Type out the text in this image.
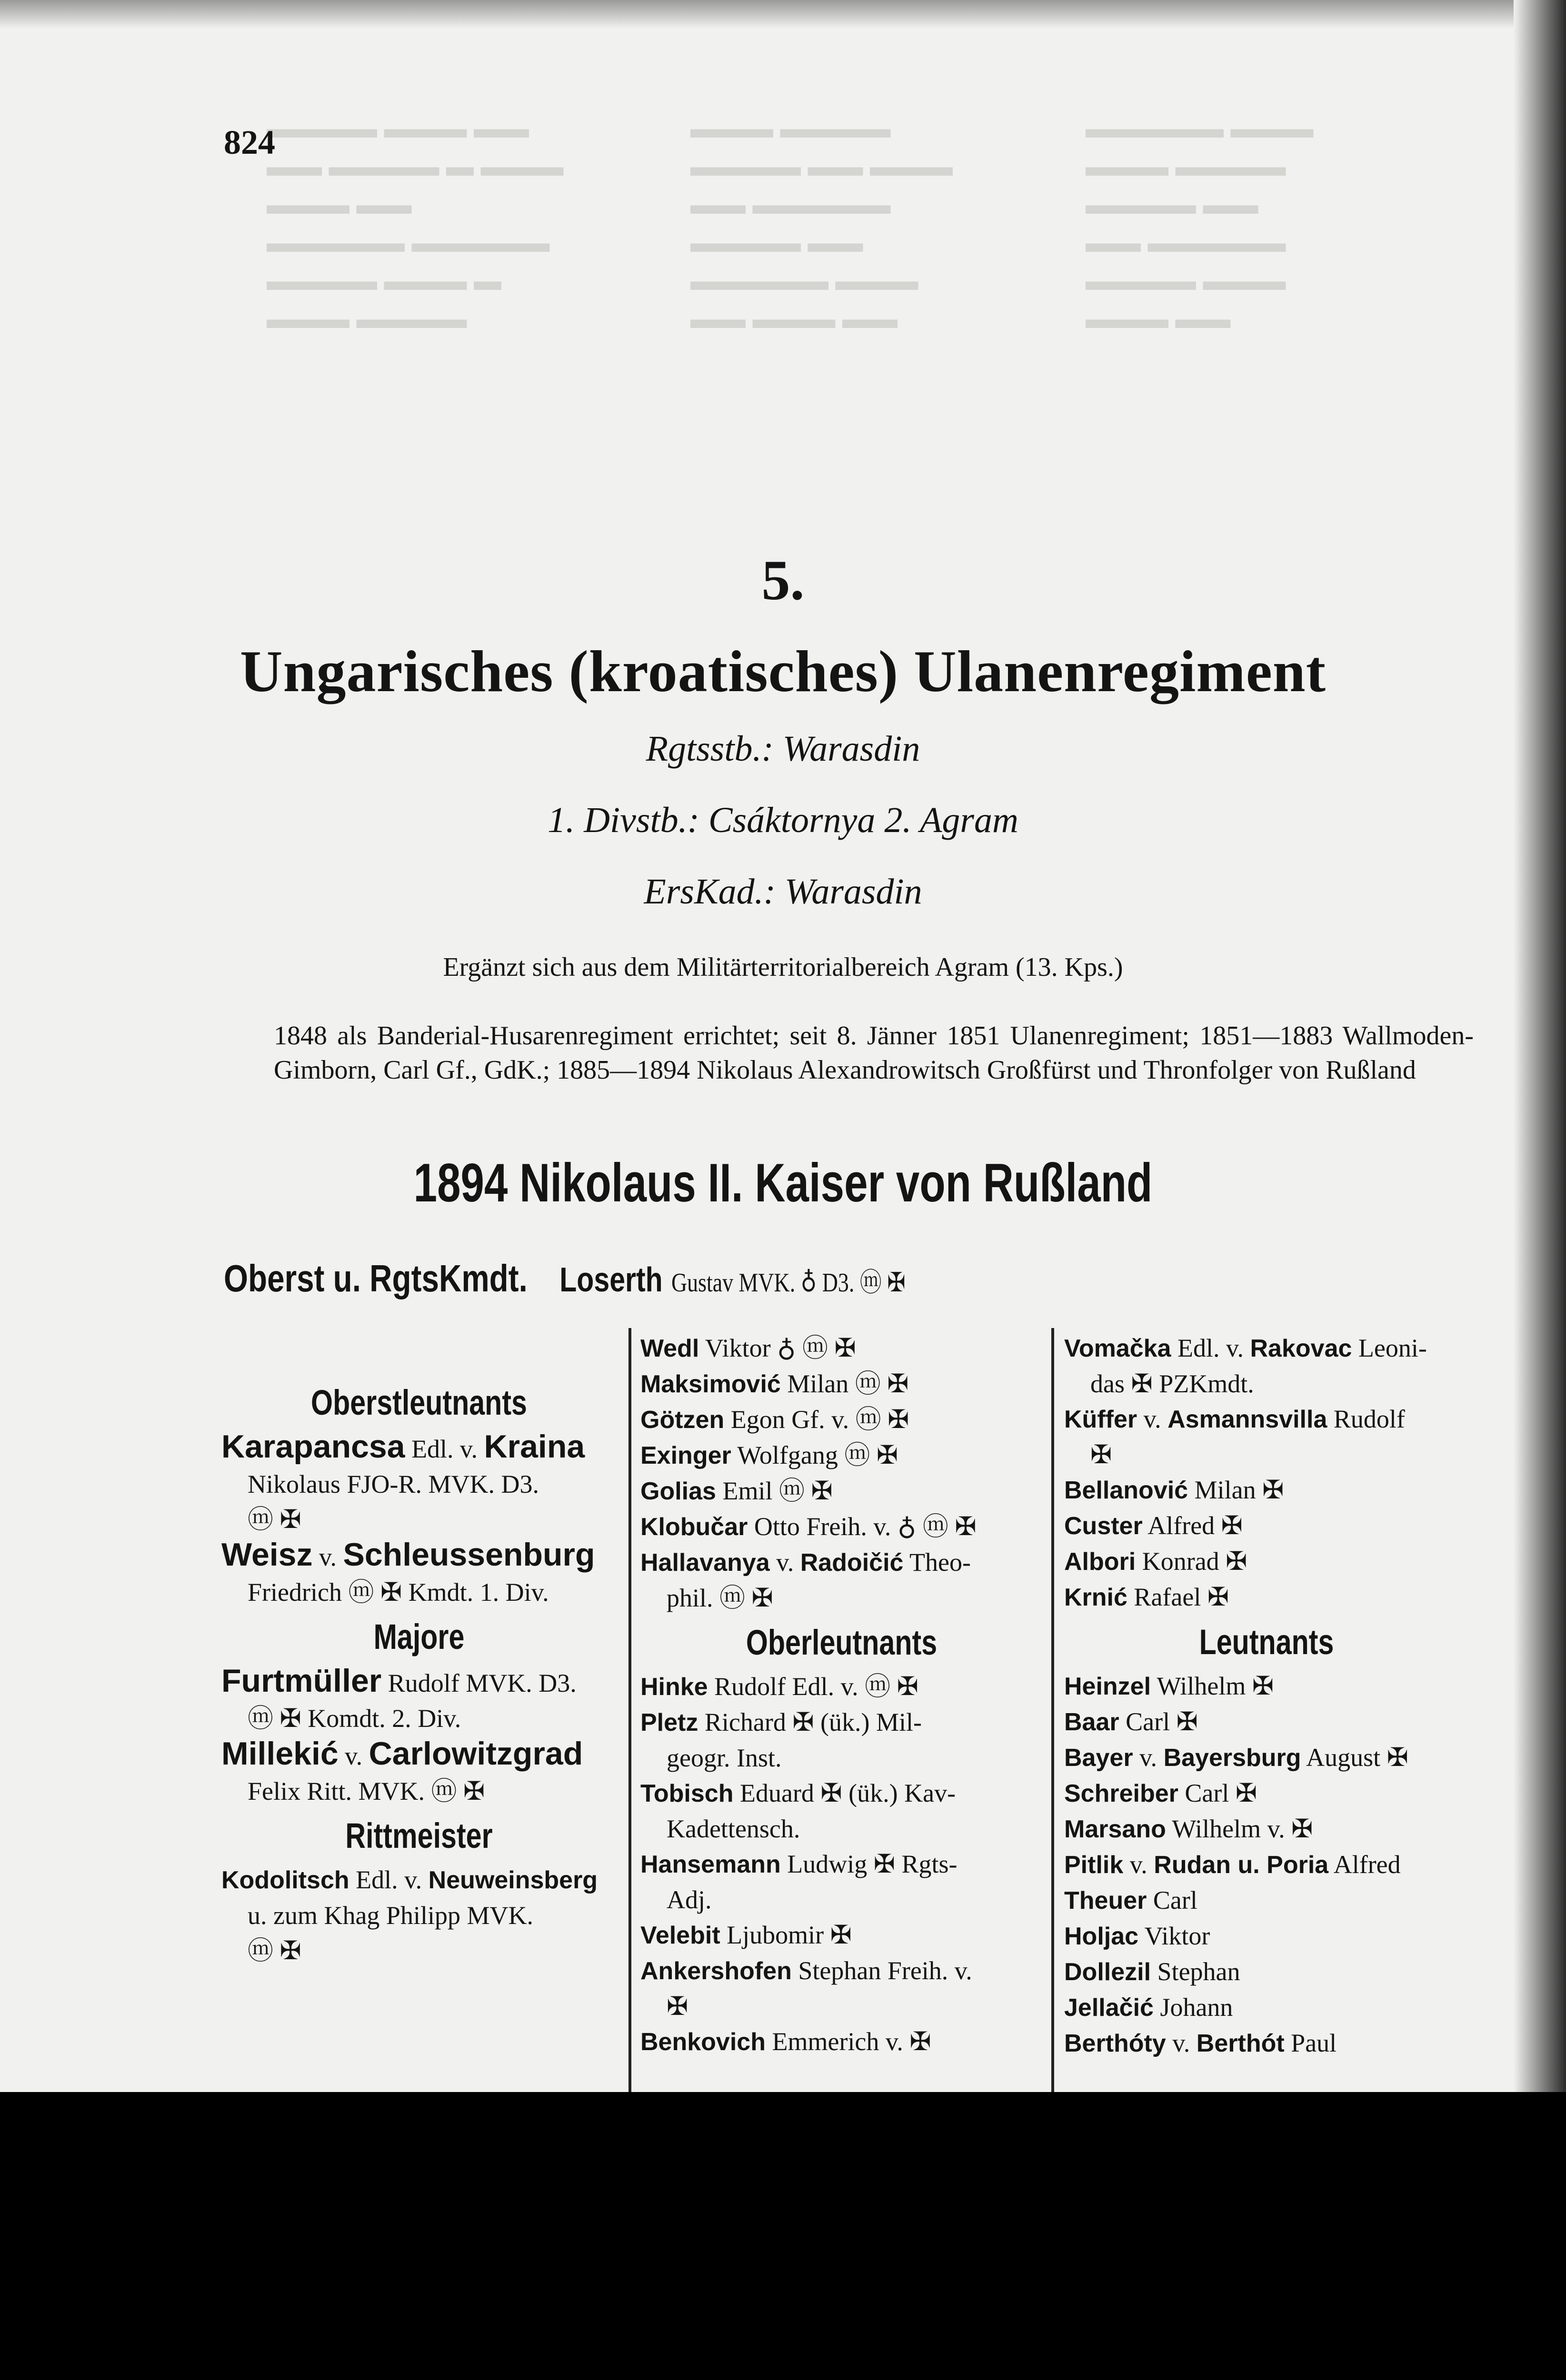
▬▬▬▬ ▬▬▬ ▬▬
▬▬ ▬▬▬▬ ▬ ▬▬▬
▬▬▬ ▬▬
▬▬▬▬▬ ▬▬▬▬▬
▬▬▬▬ ▬▬▬ ▬
▬▬▬ ▬▬▬▬
▬▬▬ ▬▬▬▬
▬▬▬▬ ▬▬ ▬▬▬
▬▬ ▬▬▬▬▬
▬▬▬▬ ▬▬
▬▬▬▬▬ ▬▬▬
▬▬ ▬▬▬ ▬▬
▬▬▬▬▬ ▬▬▬
▬▬▬ ▬▬▬▬
▬▬▬▬ ▬▬
▬▬ ▬▬▬▬▬
▬▬▬▬ ▬▬▬
▬▬▬ ▬▬
824
5.
Ungarisches (kroatisches) Ulanenregiment
Rgtsstb.: Warasdin
1. Divstb.: Csáktornya 2. Agram
ErsKad.: Warasdin
Ergänzt sich aus dem Militärterritorialbereich Agram (13. Kps.)
1848 als Banderial-Husarenregiment errichtet; seit 8. Jänner 1851 Ulanenregiment; 1851—1883 Wallmoden-Gimborn, Carl Gf., GdK.; 1885—1894 Nikolaus Alexandrowitsch Großfürst und Thronfolger von Rußland
1894 Nikolaus II. Kaiser von Rußland
Oberst u. RgtsKmdt. Loserth Gustav MVK. ♁ D3. ⓜ ✠
Oberstleutnants
Karapancsa Edl. v. Kraina
Nikolaus FJO-R. MVK. D3.
ⓜ ✠
Weisz v. Schleussenburg
Friedrich ⓜ ✠ Kmdt. 1. Div.
Majore
Furtmüller Rudolf MVK. D3.
ⓜ ✠ Komdt. 2. Div.
Millekić v. Carlowitzgrad
Felix Ritt. MVK. ⓜ ✠
Rittmeister
Kodolitsch Edl. v. Neuweinsberg
u. zum Khag Philipp MVK.
ⓜ ✠
Wedl Viktor ♁ ⓜ ✠
Maksimović Milan ⓜ ✠
Götzen Egon Gf. v. ⓜ ✠
Exinger Wolfgang ⓜ ✠
Golias Emil ⓜ ✠
Klobučar Otto Freih. v. ♁ ⓜ ✠
Hallavanya v. Radoičić Theo-
phil. ⓜ ✠
Oberleutnants
Hinke Rudolf Edl. v. ⓜ ✠
Pletz Richard ✠ (ük.) Mil-
geogr. Inst.
Tobisch Eduard ✠ (ük.) Kav-
Kadettensch.
Hansemann Ludwig ✠ Rgts-
Adj.
Velebit Ljubomir ✠
Ankershofen Stephan Freih. v.
✠
Benkovich Emmerich v. ✠
Vomačka Edl. v. Rakovac Leoni-
das ✠ PZKmdt.
Küffer v. Asmannsvilla Rudolf
✠
Bellanović Milan ✠
Custer Alfred ✠
Albori Konrad ✠
Krnić Rafael ✠
Leutnants
Heinzel Wilhelm ✠
Baar Carl ✠
Bayer v. Bayersburg August ✠
Schreiber Carl ✠
Marsano Wilhelm v. ✠
Pitlik v. Rudan u. Poria Alfred
Theuer Carl
Holjac Viktor
Dollezil Stephan
Jellačić Johann
Berthóty v. Berthót Paul
